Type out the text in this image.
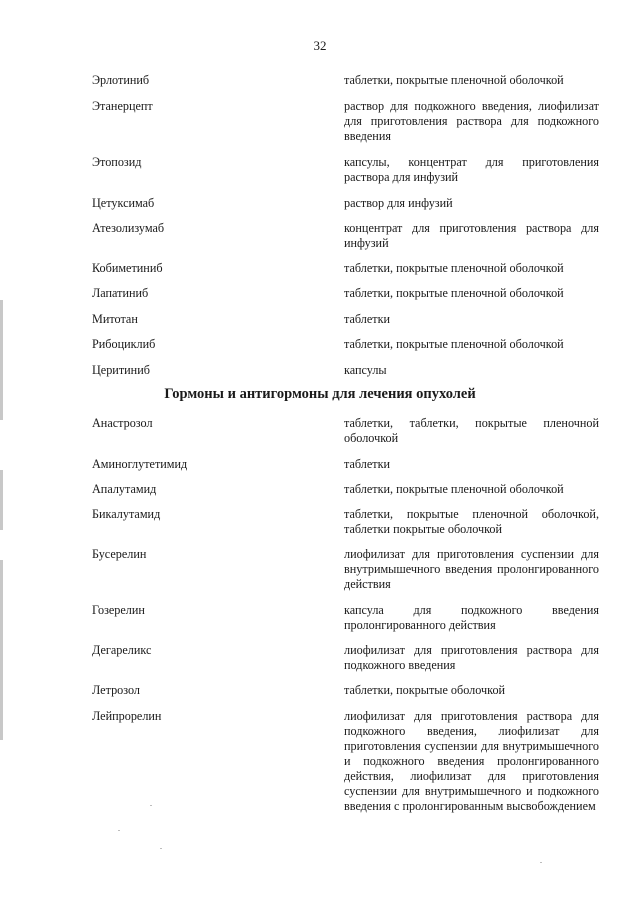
32
Эрлотиниб	таблетки, покрытые пленочной оболочкой
Этанерцепт	раствор для подкожного введения, лиофилизат для приготовления раствора для подкожного введения
Этопозид	капсулы, концентрат для приготовления раствора для инфузий
Цетуксимаб	раствор для инфузий
Атезолизумаб	концентрат для приготовления раствора для инфузий
Кобиметиниб	таблетки, покрытые пленочной оболочкой
Лапатиниб	таблетки, покрытые пленочной оболочкой
Митотан	таблетки
Рибоциклиб	таблетки, покрытые пленочной оболочкой
Церитиниб	капсулы
Гормоны и антигормоны для лечения опухолей
Анастрозол	таблетки, таблетки, покрытые пленочной оболочкой
Аминоглутетимид	таблетки
Апалутамид	таблетки, покрытые пленочной оболочкой
Бикалутамид	таблетки, покрытые пленочной оболочкой, таблетки покрытые оболочкой
Бусерелин	лиофилизат для приготовления суспензии для внутримышечного введения пролонгированного действия
Гозерелин	капсула для подкожного введения пролонгированного действия
Дегареликс	лиофилизат для приготовления раствора для подкожного введения
Летрозол	таблетки, покрытые оболочкой
Лейпрорелин	лиофилизат для приготовления раствора для подкожного введения, лиофилизат для приготовления суспензии для внутримышечного и подкожного введения пролонгированного действия, лиофилизат для приготовления суспензии для внутримышечного и подкожного введения с пролонгированным высвобождением
